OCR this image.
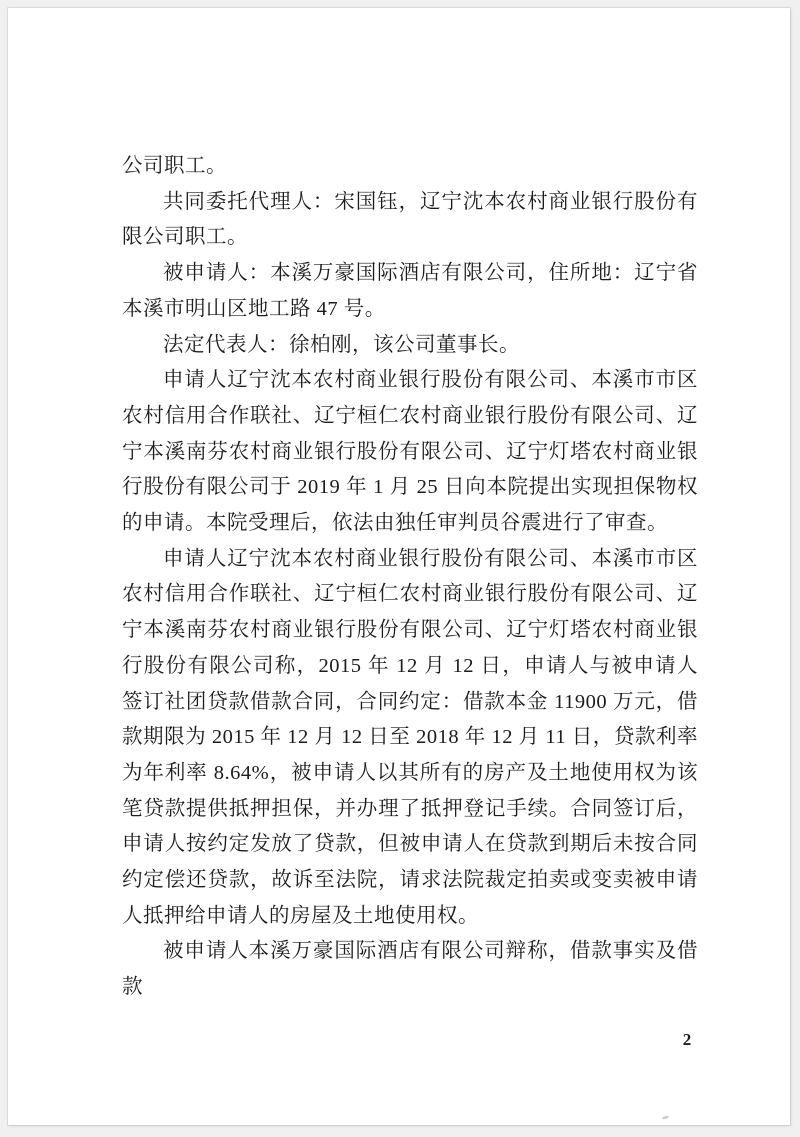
公司职工。

共同委托代理人：宋国钰，辽宁沈本农村商业银行股份有限公司职工。

被申请人：本溪万豪国际酒店有限公司，住所地：辽宁省本溪市明山区地工路 47 号。

法定代表人：徐柏刚，该公司董事长。

申请人辽宁沈本农村商业银行股份有限公司、本溪市市区农村信用合作联社、辽宁桓仁农村商业银行股份有限公司、辽宁本溪南芬农村商业银行股份有限公司、辽宁灯塔农村商业银行股份有限公司于 2019 年 1 月 25 日向本院提出实现担保物权的申请。本院受理后，依法由独任审判员谷震进行了审查。

申请人辽宁沈本农村商业银行股份有限公司、本溪市市区农村信用合作联社、辽宁桓仁农村商业银行股份有限公司、辽宁本溪南芬农村商业银行股份有限公司、辽宁灯塔农村商业银行股份有限公司称，2015 年 12 月 12 日，申请人与被申请人签订社团贷款借款合同，合同约定：借款本金 11900 万元，借款期限为 2015 年 12 月 12 日至 2018 年 12 月 11 日，贷款利率为年利率 8.64%，被申请人以其所有的房产及土地使用权为该笔贷款提供抵押担保，并办理了抵押登记手续。合同签订后，申请人按约定发放了贷款，但被申请人在贷款到期后未按合同约定偿还贷款，故诉至法院，请求法院裁定拍卖或变卖被申请人抵押给申请人的房屋及土地使用权。

被申请人本溪万豪国际酒店有限公司辩称，借款事实及借款

2
